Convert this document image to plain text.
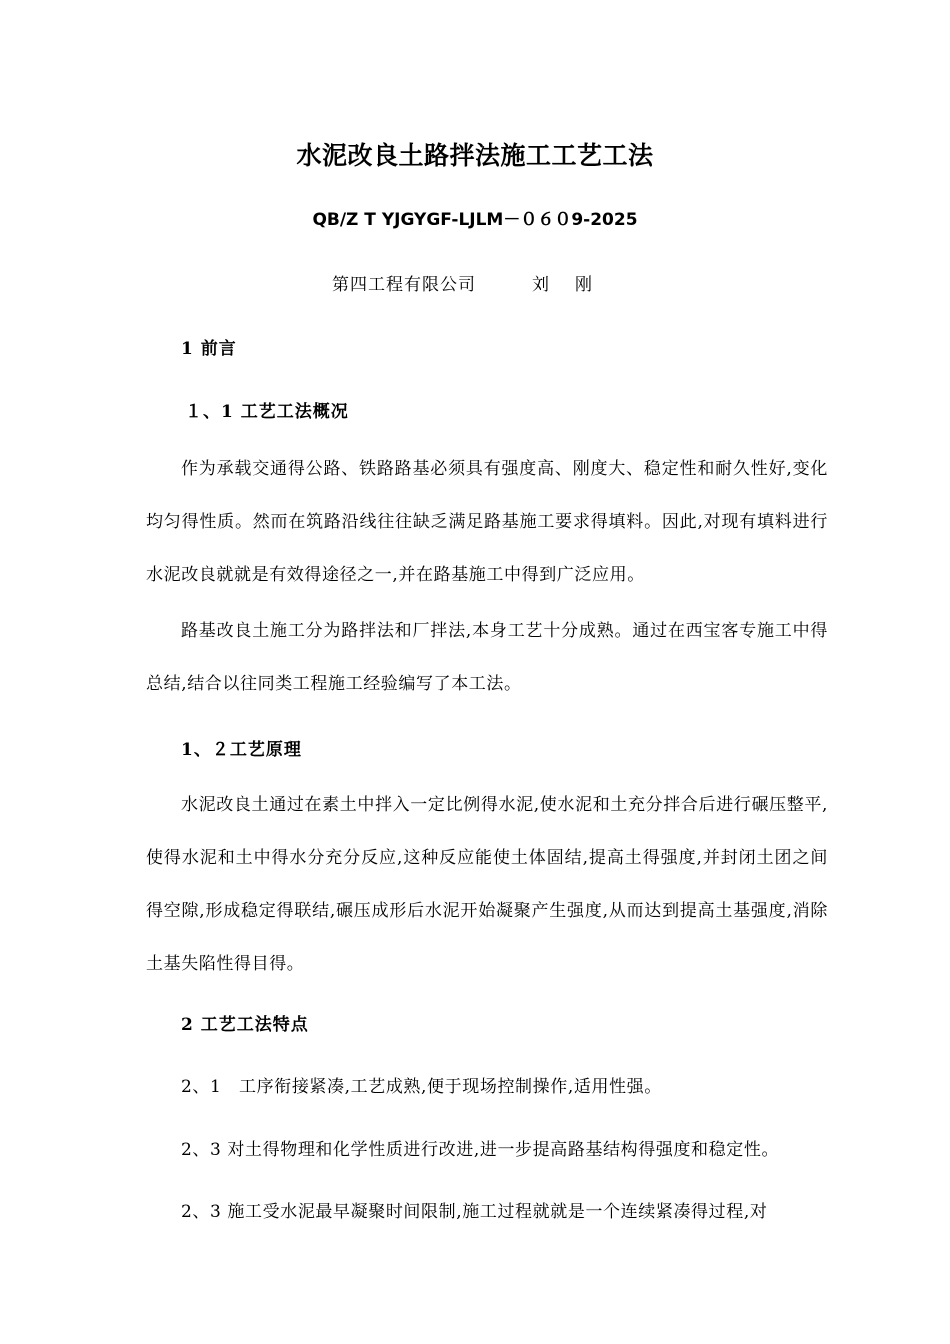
水泥改良土路拌法施工工艺工法
QB/Z T YJGYGF-LJLM－０６０9-2025
第四工程有限公司	刘刚
1 前言
１、1 工艺工法概况
作为承载交通得公路、铁路路基必须具有强度高、刚度大、稳定性和耐久性好,变化均匀得性质。然而在筑路沿线往往缺乏满足路基施工要求得填料。因此,对现有填料进行水泥改良就就是有效得途径之一,并在路基施工中得到广泛应用。
路基改良土施工分为路拌法和厂拌法,本身工艺十分成熟。通过在西宝客专施工中得总结,结合以往同类工程施工经验编写了本工法。
1、２工艺原理
水泥改良土通过在素土中拌入一定比例得水泥,使水泥和土充分拌合后进行碾压整平,使得水泥和土中得水分充分反应,这种反应能使土体固结,提高土得强度,并封闭土团之间得空隙,形成稳定得联结,碾压成形后水泥开始凝聚产生强度,从而达到提高土基强度,消除土基失陷性得目得。
2 工艺工法特点
2、1　工序衔接紧凑,工艺成熟,便于现场控制操作,适用性强。
2、3 对土得物理和化学性质进行改进,进一步提高路基结构得强度和稳定性。
2、3 施工受水泥最早凝聚时间限制,施工过程就就是一个连续紧凑得过程,对
